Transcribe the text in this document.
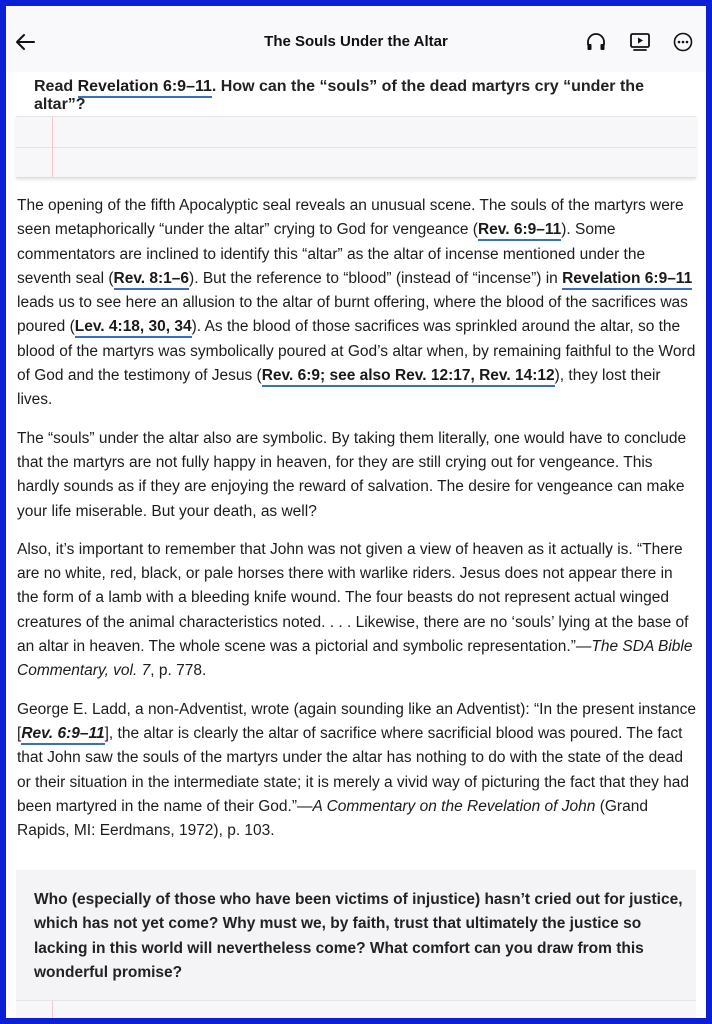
The Souls Under the Altar
Read Revelation 6:9–11. How can the “souls” of the dead martyrs cry “under the altar”?

The opening of the fifth Apocalyptic seal reveals an unusual scene. The souls of the martyrs were seen metaphorically “under the altar” crying to God for vengeance (Rev. 6:9–11). Some commentators are inclined to identify this “altar” as the altar of incense mentioned under the seventh seal (Rev. 8:1–6). But the reference to “blood” (instead of “incense”) in Revelation 6:9–11 leads us to see here an allusion to the altar of burnt offering, where the blood of the sacrifices was poured (Lev. 4:18, 30, 34). As the blood of those sacrifices was sprinkled around the altar, so the blood of the martyrs was symbolically poured at God’s altar when, by remaining faithful to the Word of God and the testimony of Jesus (Rev. 6:9; see also Rev. 12:17, Rev. 14:12), they lost their lives.

The “souls” under the altar also are symbolic. By taking them literally, one would have to conclude that the martyrs are not fully happy in heaven, for they are still crying out for vengeance. This hardly sounds as if they are enjoying the reward of salvation. The desire for vengeance can make your life miserable. But your death, as well?

Also, it’s important to remember that John was not given a view of heaven as it actually is. “There are no white, red, black, or pale horses there with warlike riders. Jesus does not appear there in the form of a lamb with a bleeding knife wound. The four beasts do not represent actual winged creatures of the animal characteristics noted. . . . Likewise, there are no ‘souls’ lying at the base of an altar in heaven. The whole scene was a pictorial and symbolic representation.”—The SDA Bible Commentary, vol. 7, p. 778.

George E. Ladd, a non-Adventist, wrote (again sounding like an Adventist): “In the present instance [Rev. 6:9–11], the altar is clearly the altar of sacrifice where sacrificial blood was poured. The fact that John saw the souls of the martyrs under the altar has nothing to do with the state of the dead or their situation in the intermediate state; it is merely a vivid way of picturing the fact that they had been martyred in the name of their God.”—A Commentary on the Revelation of John (Grand Rapids, MI: Eerdmans, 1972), p. 103.

Who (especially of those who have been victims of injustice) hasn’t cried out for justice, which has not yet come? Why must we, by faith, trust that ultimately the justice so lacking in this world will nevertheless come? What comfort can you draw from this wonderful promise?
